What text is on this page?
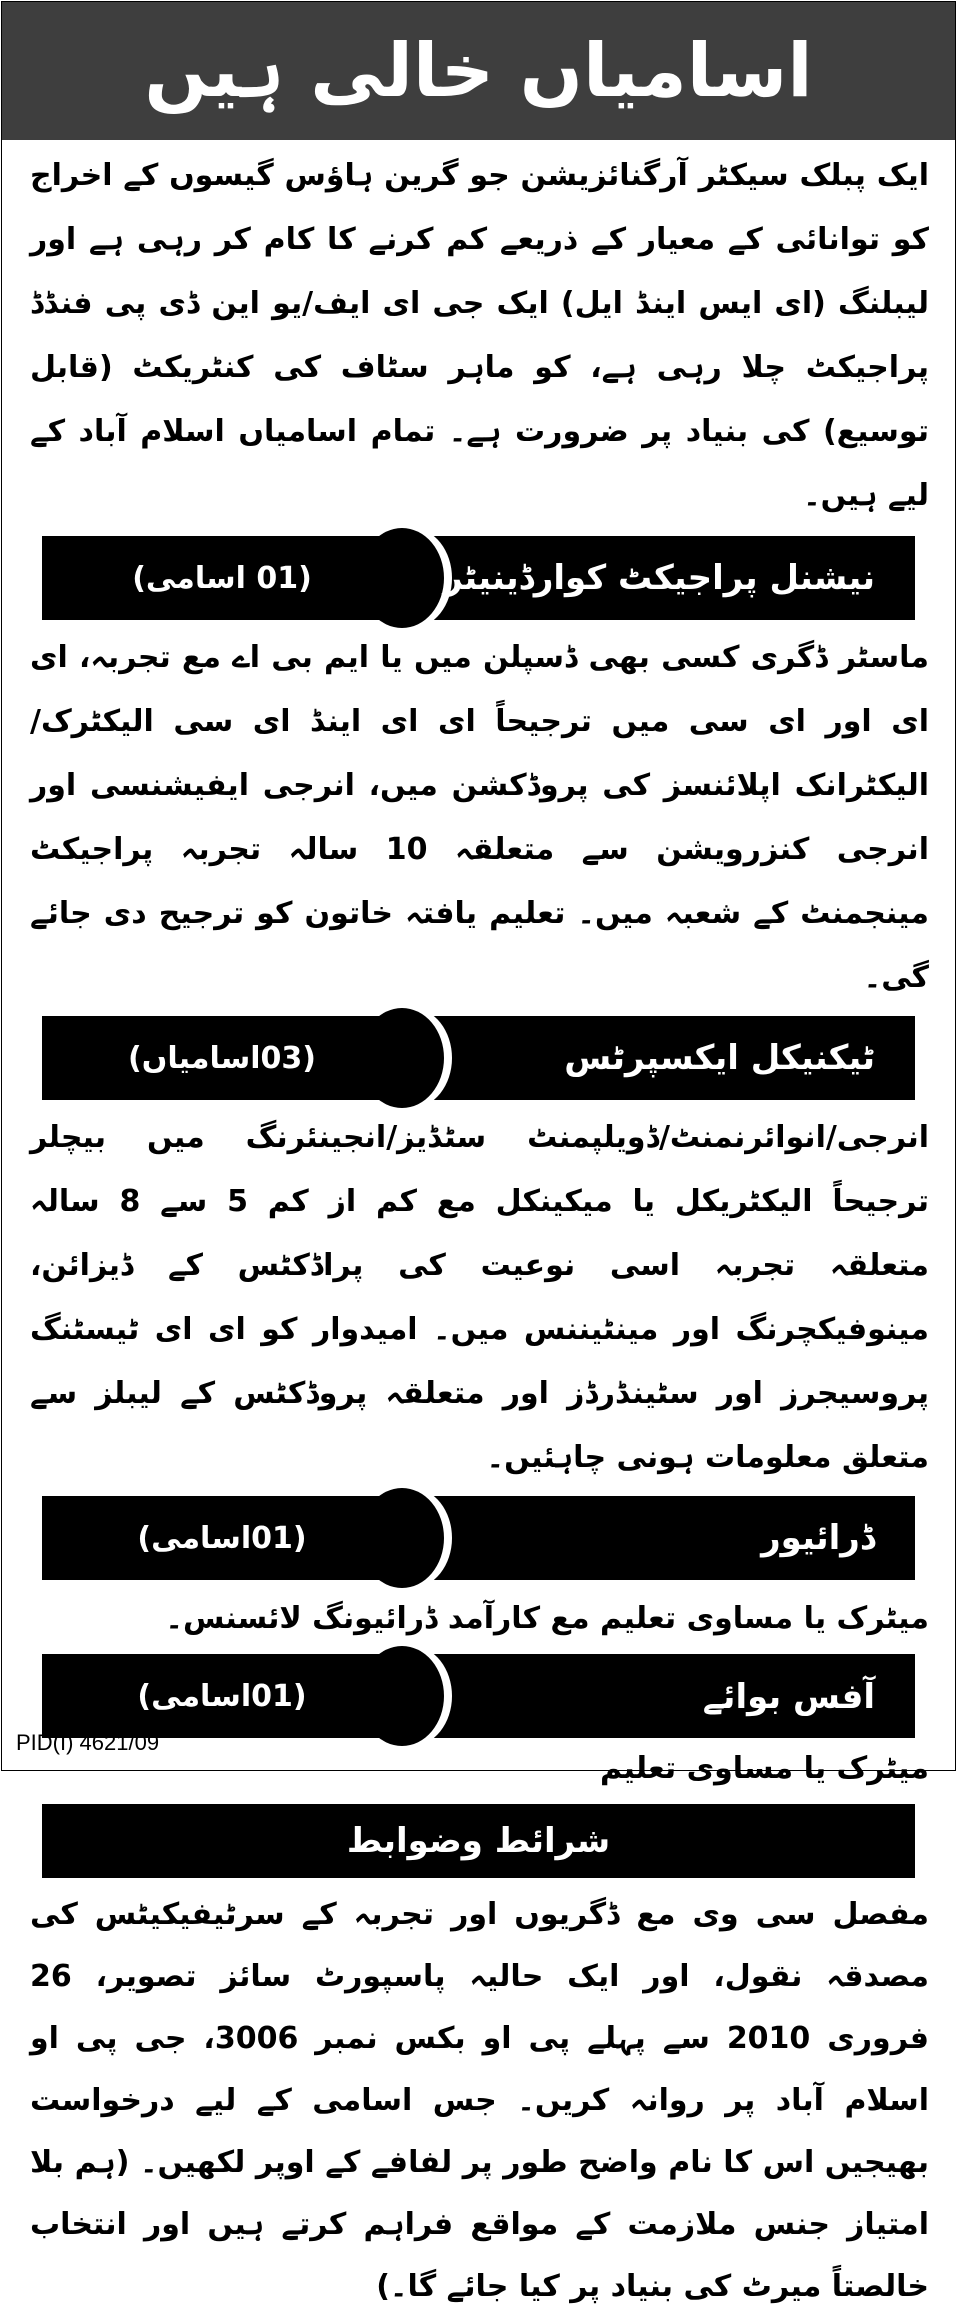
اسامیاں خالی ہیں

ایک پبلک سیکٹر آرگنائزیشن جو گرین ہاؤس گیسوں کے اخراج کو توانائی کے معیار کے ذریعے کم کرنے کا کام کر رہی ہے اور لیبلنگ (ای ایس اینڈ ایل) ایک جی ای ایف/یو این ڈی پی فنڈڈ پراجیکٹ چلا رہی ہے، کو ماہر سٹاف کی کنٹریکٹ (قابل توسیع) کی بنیاد پر ضرورت ہے۔ تمام اسامیاں اسلام آباد کے لیے ہیں۔

نیشنل پراجیکٹ کوارڈینیٹر
(01 اسامی)

ماسٹر ڈگری کسی بھی ڈسپلن میں یا ایم بی اے مع تجربہ، ای ای اور ای سی میں ترجیحاً ای ای اینڈ ای سی الیکٹرک/الیکٹرانک اپلائنسز کی پروڈکشن میں، انرجی ایفیشنسی اور انرجی کنزرویشن سے متعلقہ 10 سالہ تجربہ پراجیکٹ مینجمنٹ کے شعبہ میں۔ تعلیم یافتہ خاتون کو ترجیح دی جائے گی۔

ٹیکنیکل ایکسپرٹس
(03اسامیاں)

انرجی/انوائرنمنٹ/ڈویلپمنٹ سٹڈیز/انجینئرنگ میں بیچلر ترجیحاً الیکٹریکل یا میکینکل مع کم از کم 5 سے 8 سالہ متعلقہ تجربہ اسی نوعیت کی پراڈکٹس کے ڈیزائن، مینوفیکچرنگ اور مینٹیننس میں۔ امیدوار کو ای ای ٹیسٹنگ پروسیجرز اور سٹینڈرڈز اور متعلقہ پروڈکٹس کے لیبلز سے متعلق معلومات ہونی چاہئیں۔

ڈرائیور
(01اسامی)

میٹرک یا مساوی تعلیم مع کارآمد ڈرائیونگ لائسنس۔

آفس بوائے
(01اسامی)

میٹرک یا مساوی تعلیم

شرائط وضوابط

مفصل سی وی مع ڈگریوں اور تجربہ کے سرٹیفیکیٹس کی مصدقہ نقول، اور ایک حالیہ پاسپورٹ سائز تصویر، 26 فروری 2010 سے پہلے پی او بکس نمبر 3006، جی پی او اسلام آباد پر روانہ کریں۔ جس اسامی کے لیے درخواست بھیجیں اس کا نام واضح طور پر لفافے کے اوپر لکھیں۔ (ہم بلا امتیاز جنس ملازمت کے مواقع فراہم کرتے ہیں اور انتخاب خالصتاً میرٹ کی بنیاد پر کیا جائے گا۔)

PID(I) 4621/09
